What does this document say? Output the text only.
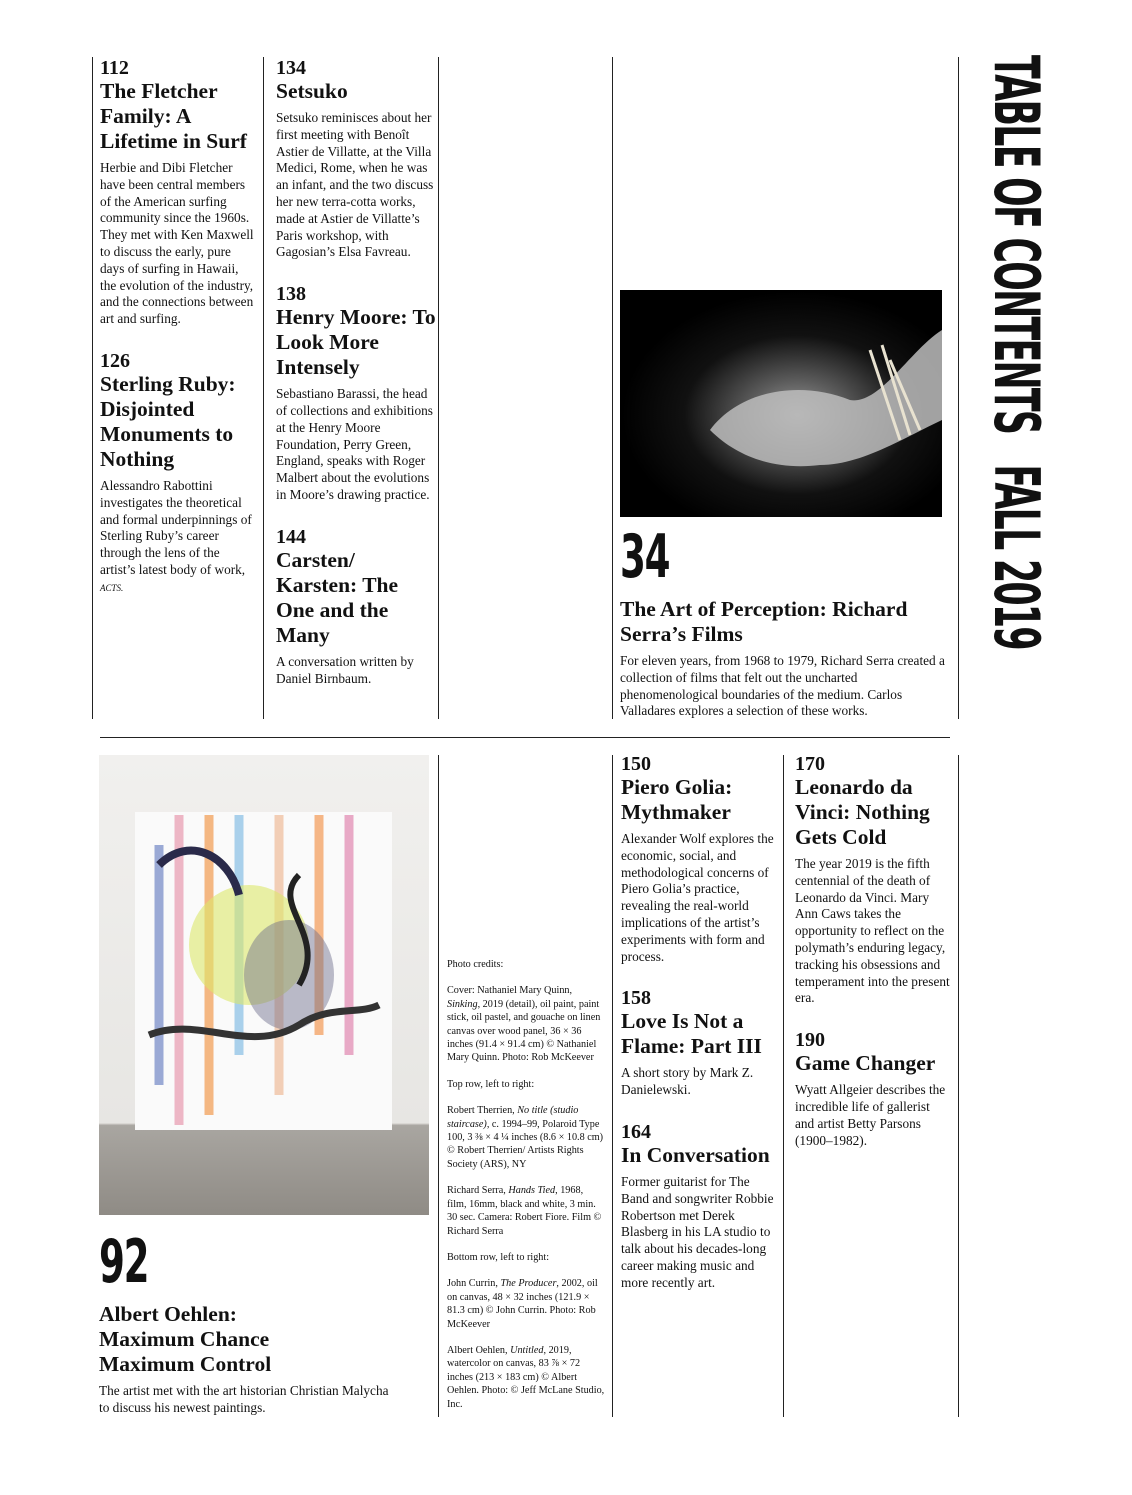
TABLE OF CONTENTS   FALL 2019
112
The Fletcher Family: A Lifetime in Surf
Herbie and Dibi Fletcher have been central members of the American surfing community since the 1960s. They met with Ken Maxwell to discuss the early, pure days of surfing in Hawaii, the evolution of the industry, and the connections between art and surfing.
126
Sterling Ruby: Disjointed Monuments to Nothing
Alessandro Rabottini investigates the theoretical and formal underpinnings of Sterling Ruby’s career through the lens of the artist’s latest body of work, ACTS.
134
Setsuko
Setsuko reminisces about her first meeting with Benoît Astier de Villatte, at the Villa Medici, Rome, when he was an infant, and the two discuss her new terra-cotta works, made at Astier de Villatte’s Paris workshop, with Gagosian’s Elsa Favreau.
138
Henry Moore: To Look More Intensely
Sebastiano Barassi, the head of collections and exhibitions at the Henry Moore Foundation, Perry Green, England, speaks with Roger Malbert about the evolutions in Moore’s drawing practice.
144
Carsten/ Karsten: The One and the Many
A conversation written by Daniel Birnbaum.
34
The Art of Perception: Richard Serra’s Films
For eleven years, from 1968 to 1979, Richard Serra created a collection of films that felt out the uncharted phenomenological boundaries of the medium. Carlos Valladares explores a selection of these works.
92
Albert Oehlen: Maximum Chance Maximum Control
The artist met with the art historian Christian Malycha to discuss his newest paintings.

Photo credits:

Cover: Nathaniel Mary Quinn, Sinking, 2019 (detail), oil paint, paint stick, oil pastel, and gouache on linen canvas over wood panel, 36 × 36 inches (91.4 × 91.4 cm) © Nathaniel Mary Quinn. Photo: Rob McKeever

Top row, left to right:

Robert Therrien, No title (studio staircase), c. 1994–99, Polaroid Type 100, 3 ⅜ × 4 ¼ inches (8.6 × 10.8 cm) © Robert Therrien/ Artists Rights Society (ARS), NY

Richard Serra, Hands Tied, 1968, film, 16mm, black and white, 3 min. 30 sec. Camera: Robert Fiore. Film © Richard Serra

Bottom row, left to right:

John Currin, The Producer, 2002, oil on canvas, 48 × 32 inches (121.9 × 81.3 cm) © John Currin. Photo: Rob McKeever

Albert Oehlen, Untitled, 2019, watercolor on canvas, 83 ⅞ × 72 inches (213 × 183 cm) © Albert Oehlen. Photo: © Jeff McLane Studio, Inc.

150
Piero Golia: Mythmaker
Alexander Wolf explores the economic, social, and methodological concerns of Piero Golia’s practice, revealing the real-world implications of the artist’s experiments with form and process.
158
Love Is Not a Flame: Part III
A short story by Mark Z. Danielewski.
164
In Conversation
Former guitarist for The Band and songwriter Robbie Robertson met Derek Blasberg in his LA studio to talk about his decades-long career making music and more recently art.
170
Leonardo da Vinci: Nothing Gets Cold
The year 2019 is the fifth centennial of the death of Leonardo da Vinci. Mary Ann Caws takes the opportunity to reflect on the polymath’s enduring legacy, tracking his obsessions and temperament into the present era.
190
Game Changer
Wyatt Allgeier describes the incredible life of gallerist and artist Betty Parsons (1900–1982).
